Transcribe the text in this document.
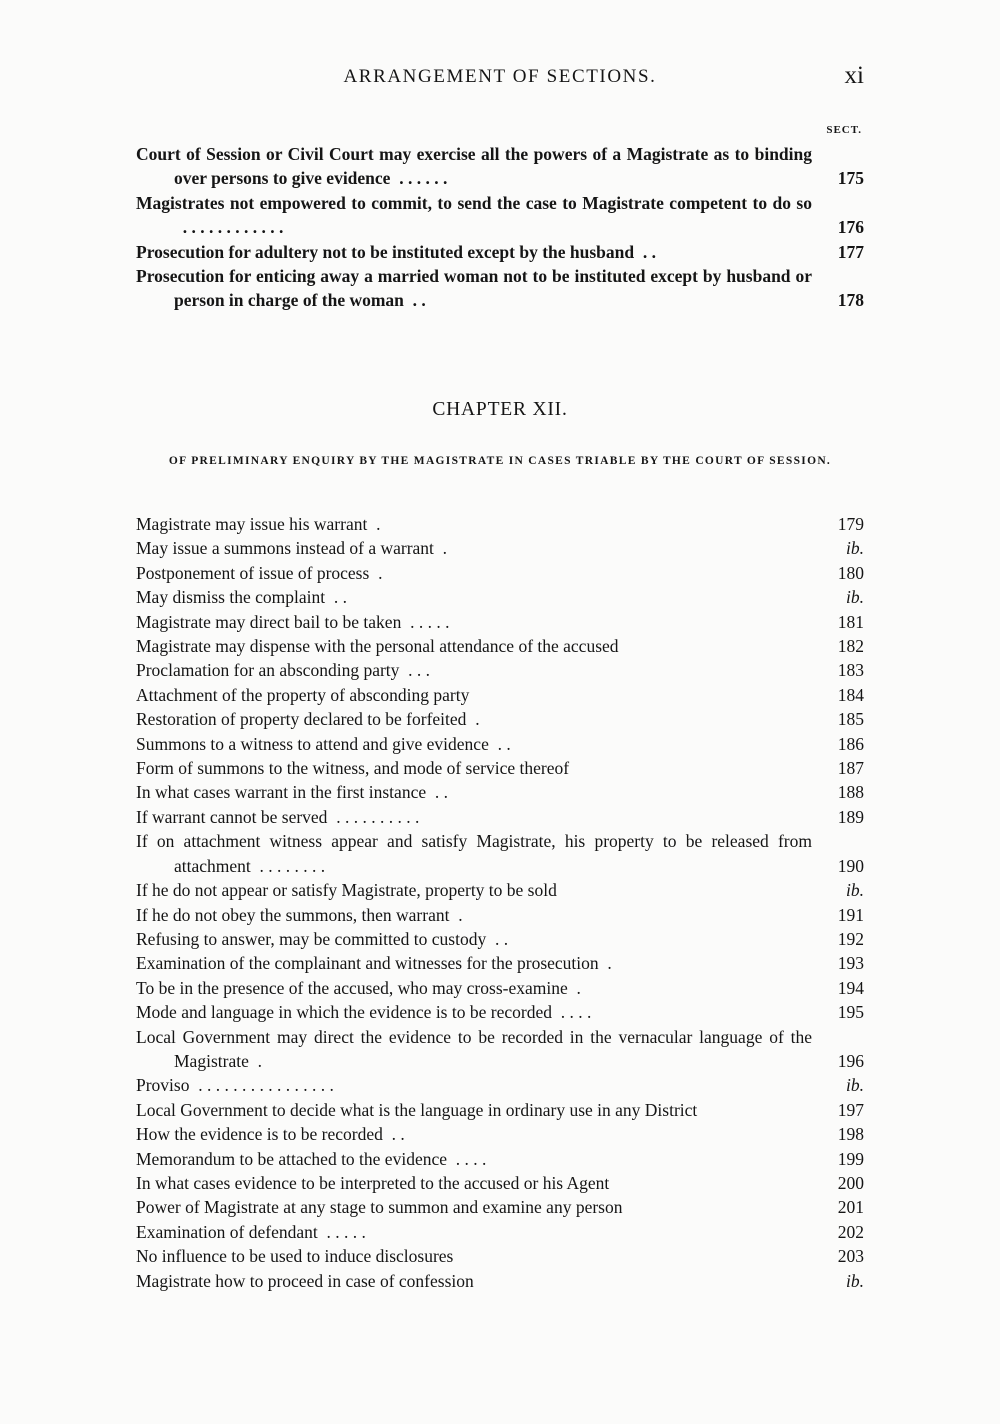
ARRANGEMENT OF SECTIONS.	xi
SECT.
Court of Session or Civil Court may exercise all the powers of a Magistrate as to binding over persons to give evidence  . . . . . .	175
Magistrates not empowered to commit, to send the case to Magistrate competent to do so  . . . . . . . . . . . .	176
Prosecution for adultery not to be instituted except by the husband  . .	177
Prosecution for enticing away a married woman not to be instituted except by husband or person in charge of the woman  . .	178
CHAPTER XII.
OF PRELIMINARY ENQUIRY BY THE MAGISTRATE IN CASES TRIABLE BY THE COURT OF SESSION.
Magistrate may issue his warrant  .	179
May issue a summons instead of a warrant  .	ib.
Postponement of issue of process  .	180
May dismiss the complaint  . .	ib.
Magistrate may direct bail to be taken  . . . . .	181
Magistrate may dispense with the personal attendance of the accused	182
Proclamation for an absconding party  . . .	183
Attachment of the property of absconding party	184
Restoration of property declared to be forfeited  .	185
Summons to a witness to attend and give evidence  . .	186
Form of summons to the witness, and mode of service thereof	187
In what cases warrant in the first instance  . .	188
If warrant cannot be served  . . . . . . . . . .	189
If on attachment witness appear and satisfy Magistrate, his property to be released from attachment  . . . . . . . .	190
If he do not appear or satisfy Magistrate, property to be sold	ib.
If he do not obey the summons, then warrant  .	191
Refusing to answer, may be committed to custody  . .	192
Examination of the complainant and witnesses for the prosecution  .	193
To be in the presence of the accused, who may cross-examine  .	194
Mode and language in which the evidence is to be recorded  . . . .	195
Local Government may direct the evidence to be recorded in the vernacular language of the Magistrate  .	196
Proviso  . . . . . . . . . . . . . . . .	ib.
Local Government to decide what is the language in ordinary use in any District	197
How the evidence is to be recorded  . .	198
Memorandum to be attached to the evidence  . . . .	199
In what cases evidence to be interpreted to the accused or his Agent	200
Power of Magistrate at any stage to summon and examine any person	201
Examination of defendant  . . . . .	202
No influence to be used to induce disclosures	203
Magistrate how to proceed in case of confession	ib.
